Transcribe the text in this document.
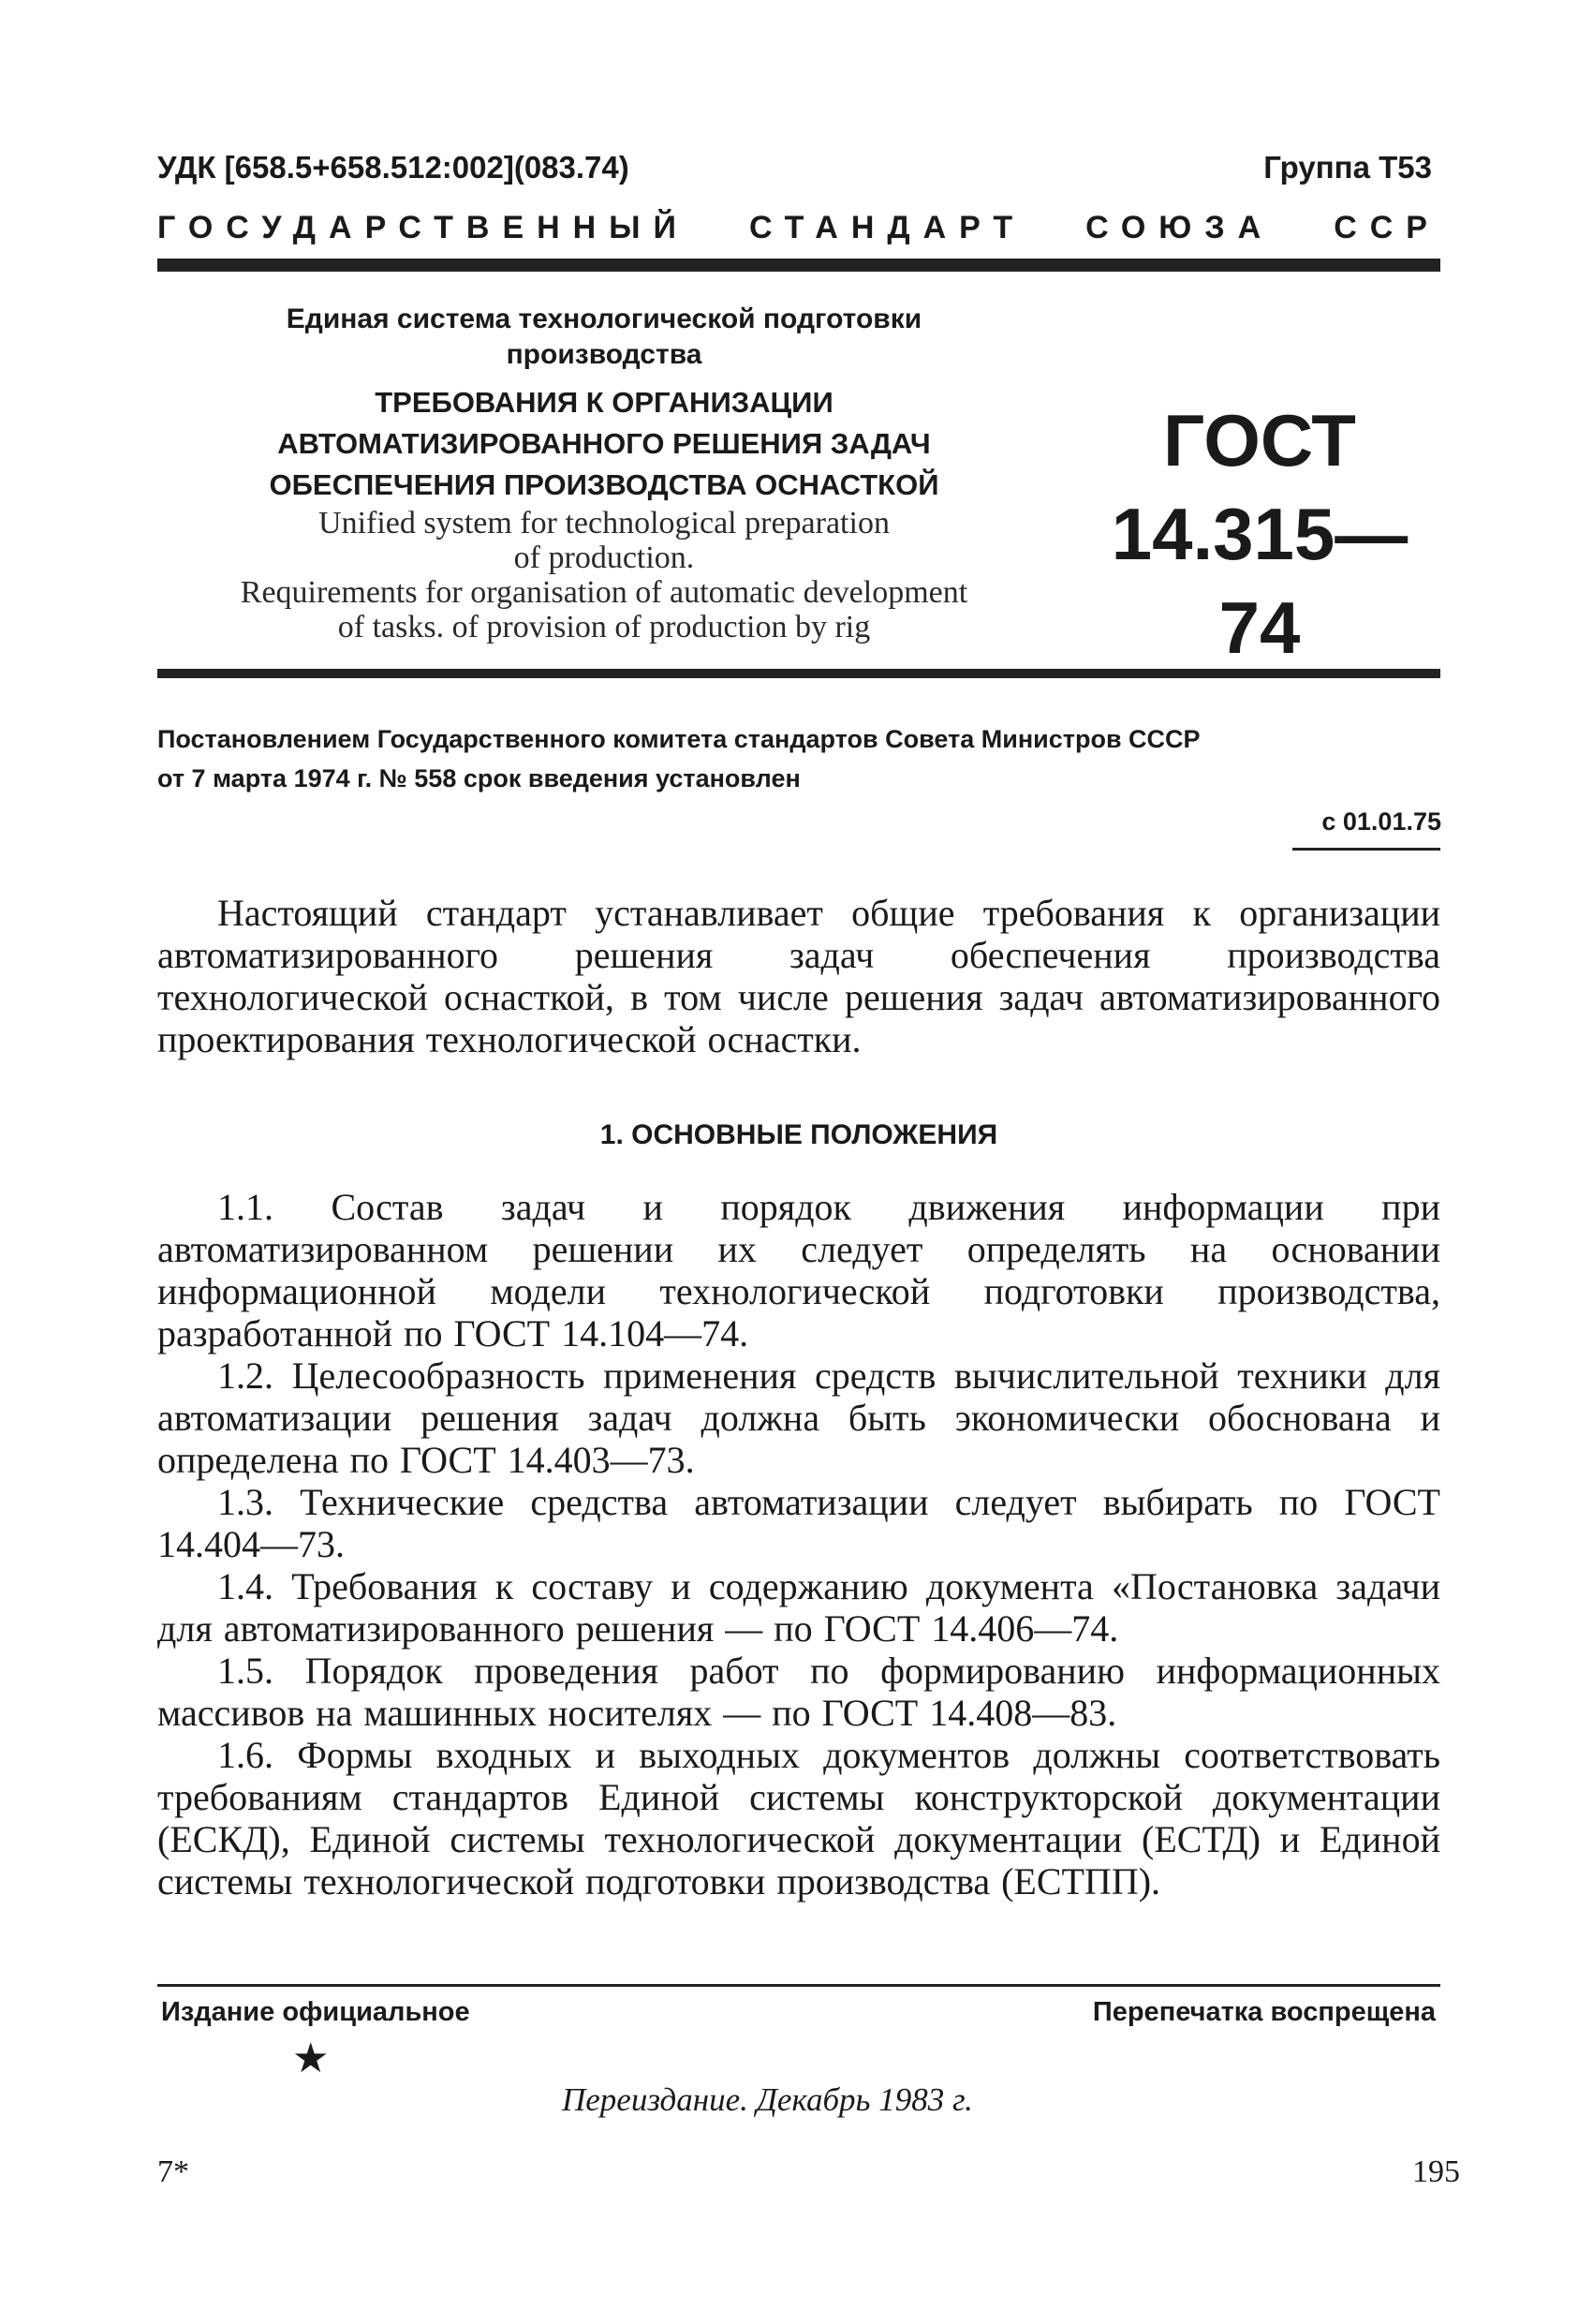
УДК [658.5+658.512:002](083.74)	Группа Т53
ГОСУДАРСТВЕННЫЙ СТАНДАРТ СОЮЗА ССР
Единая система технологической подготовки
производства
ТРЕБОВАНИЯ К ОРГАНИЗАЦИИ
АВТОМАТИЗИРОВАННОГО РЕШЕНИЯ ЗАДАЧ
ОБЕСПЕЧЕНИЯ ПРОИЗВОДСТВА ОСНАСТКОЙ
Unified system for technological preparation
of production.
Requirements for organisation of automatic development
of tasks. of provision of production by rig
ГОСТ
14.315—74
Постановлением Государственного комитета стандартов Совета Министров СССР
от 7 марта 1974 г. № 558 срок введения установлен
с 01.01.75

Настоящий стандарт устанавливает общие требования к организации автоматизированного решения задач обеспечения производства технологической оснасткой, в том числе решения задач автоматизированного проектирования технологической оснастки.

1. ОСНОВНЫЕ ПОЛОЖЕНИЯ

1.1. Состав задач и порядок движения информации при автоматизированном решении их следует определять на основании информационной модели технологической подготовки производства, разработанной по ГОСТ 14.104—74.

1.2. Целесообразность применения средств вычислительной техники для автоматизации решения задач должна быть экономически обоснована и определена по ГОСТ 14.403—73.

1.3. Технические средства автоматизации следует выбирать по ГОСТ 14.404—73.

1.4. Требования к составу и содержанию документа «Постановка задачи для автоматизированного решения — по ГОСТ 14.406—74.

1.5. Порядок проведения работ по формированию информационных массивов на машинных носителях — по ГОСТ 14.408—83.

1.6. Формы входных и выходных документов должны соответствовать требованиям стандартов Единой системы конструкторской документации (ЕСКД), Единой системы технологической документации (ЕСТД) и Единой системы технологической подготовки производства (ЕСТПП).

Издание официальное	Перепечатка воспрещена
★
Переиздание. Декабрь 1983 г.
7*	195
